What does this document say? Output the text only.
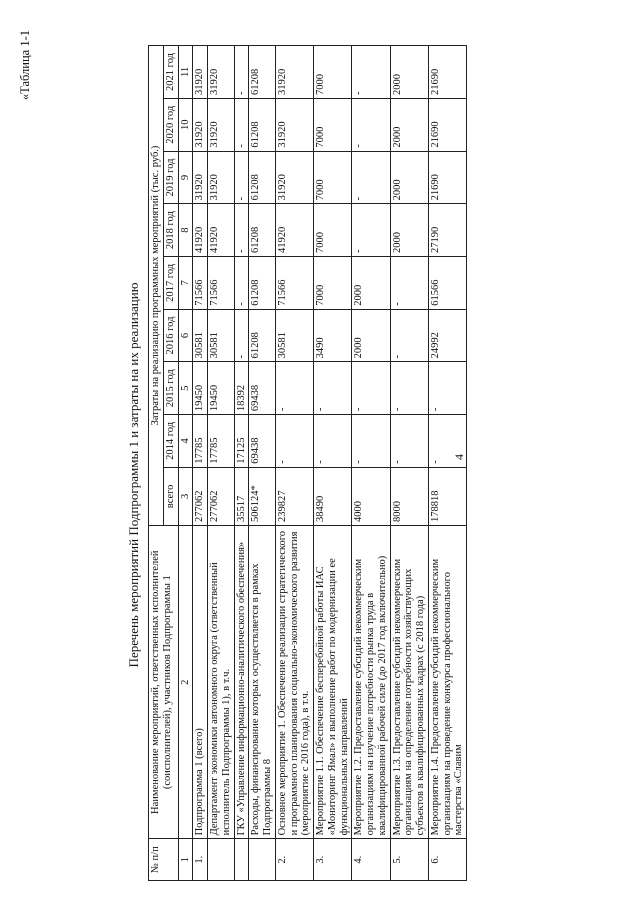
4
«Таблица 1-1
Перечень мероприятий Подпрограммы 1 и затраты на их реализацию
№ п/п	Наименование мероприятий, ответственных исполнителей (соисполнителей), участников Подпрограммы 1	Затраты на реализацию программных мероприятий (тыс. руб.)								
		всего	2014 год	2015 год	2016 год	2017 год	2018 год	2019 год	2020 год	2021 год
1	2	3	4	5	6	7	8	9	10	11
1.	Подпрограмма 1 (всего)	277062	17785	19450	30581	71566	41920	31920	31920	31920
	Департамент экономики автономного округа (ответственный исполнитель Подпрограммы 1), в т.ч.	277062	17785	19450	30581	71566	41920	31920	31920	31920
	ГКУ «Управление информационно-аналитического обеспечения»	35517	17125	18392	-	-	-	-	-	-
	Расходы, финансирование которых осуществляется в рамках Подпрограммы 8	506124*	69438	69438	61208	61208	61208	61208	61208	61208
2.	Основное мероприятие 1. Обеспечение реализации стратегического и программного планирования социально-экономического развития (мероприятие с 2016 года), в т.ч.	239827	-	-	30581	71566	41920	31920	31920	31920
3.	Мероприятие 1.1. Обеспечение бесперебойной работы ИАС «Мониторинг Ямал» и выполнение работ по модернизации ее функциональных направлений	38490	-	-	3490	7000	7000	7000	7000	7000
4.	Мероприятие 1.2. Предоставление субсидий некоммерческим организациям на изучение потребности рынка труда в квалифицированной рабочей силе (до 2017 год включительно)	4000	-	-	2000	2000	-	-	-	-
5.	Мероприятие 1.3. Предоставление субсидий некоммерческим организациям на определение потребности хозяйствующих субъектов в квалифицированных кадрах (с 2018 года)	8000	-	-	-	-	2000	2000	2000	2000
6.	Мероприятие 1.4. Предоставление субсидий некоммерческим организациям на проведение конкурса профессионального мастерства «Славим	178818	-	-	24992	61566	27190	21690	21690	21690
